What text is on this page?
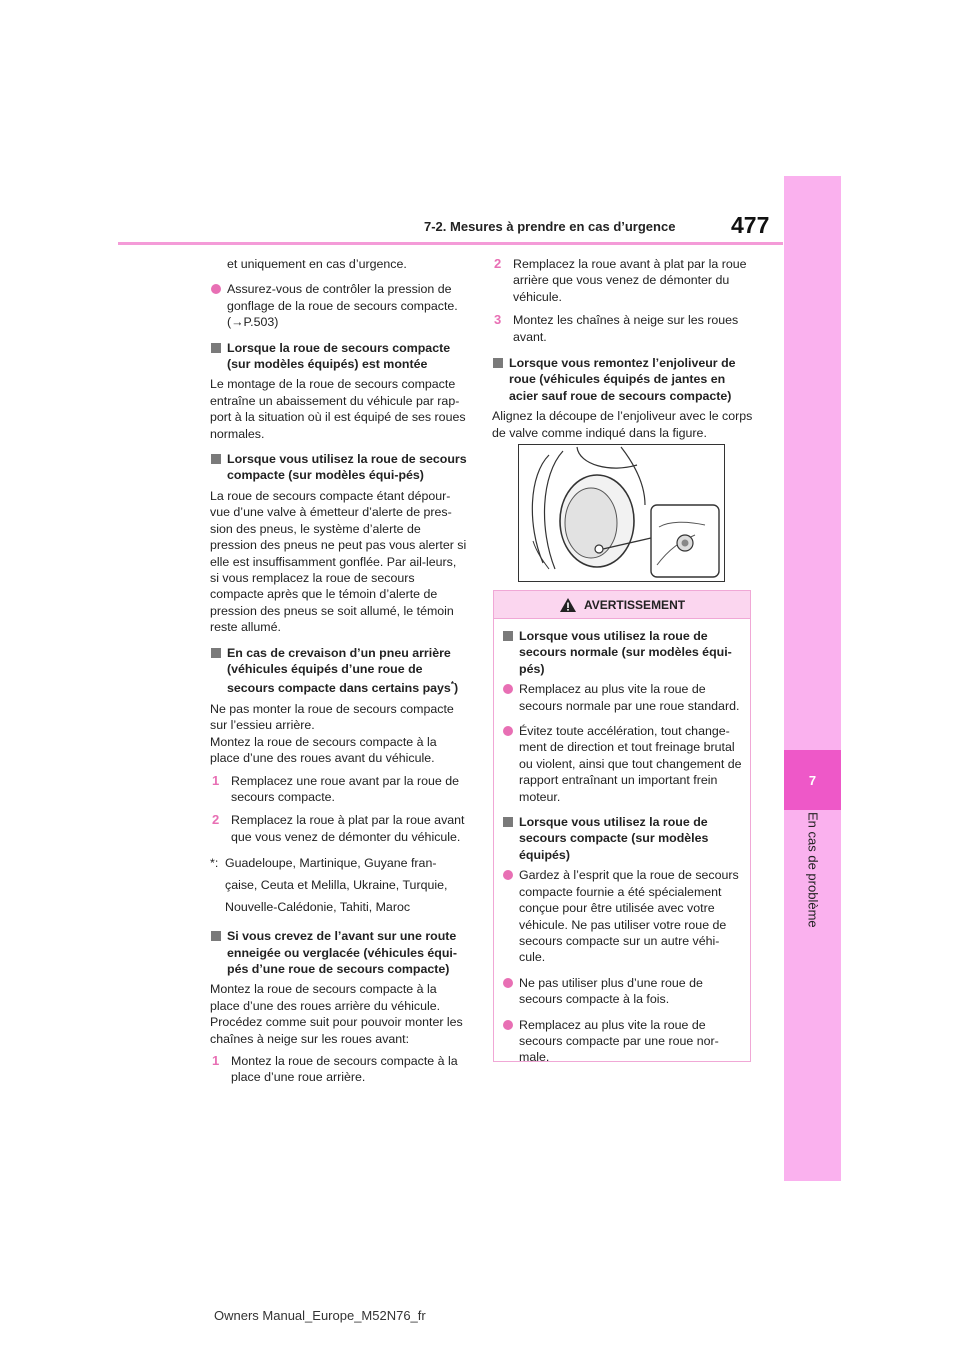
7
En cas de problème
7-2. Mesures à prendre en cas d’urgence 477

et uniquement en cas d’urgence.

Assurez-vous de contrôler la pression de gonflage de la roue de secours compacte. (→P.503)
Lorsque la roue de secours compacte (sur modèles équipés) est montée

Le montage de la roue de secours compacte entraîne un abaissement du véhicule par rap-port à la situation où il est équipé de ses roues normales.

Lorsque vous utilisez la roue de secours compacte (sur modèles équi-pés)

La roue de secours compacte étant dépour-vue d’une valve à émetteur d’alerte de pres-sion des pneus, le système d’alerte de pression des pneus ne peut pas vous alerter si elle est insuffisamment gonflée. Par ail-leurs, si vous remplacez la roue de secours compacte après que le témoin d’alerte de pression des pneus se soit allumé, le témoin reste allumé.

En cas de crevaison d’un pneu arrière (véhicules équipés d’une roue de secours compacte dans certains pays*)

Ne pas monter la roue de secours compacte sur l’essieu arrière.

Montez la roue de secours compacte à la place d’une des roues avant du véhicule.

1 Remplacez une roue avant par la roue de secours compacte.
2 Remplacez la roue à plat par la roue avant que vous venez de démonter du véhicule.
*: Guadeloupe, Martinique, Guyane fran-çaise, Ceuta et Melilla, Ukraine, Turquie, Nouvelle-Calédonie, Tahiti, Maroc
Si vous crevez de l’avant sur une route enneigée ou verglacée (véhicules équi-pés d’une roue de secours compacte)

Montez la roue de secours compacte à la place d’une des roues arrière du véhicule. Procédez comme suit pour pouvoir monter les chaînes à neige sur les roues avant:

1 Montez la roue de secours compacte à la place d’une roue arrière.
2 Remplacez la roue avant à plat par la roue arrière que vous venez de démonter du véhicule.
3 Montez les chaînes à neige sur les roues avant.
Lorsque vous remontez l’enjoliveur de roue (véhicules équipés de jantes en acier sauf roue de secours compacte)

Alignez la découpe de l’enjoliveur avec le corps de valve comme indiqué dans la figure.

AVERTISSEMENT
Lorsque vous utilisez la roue de secours normale (sur modèles équi-pés)
Remplacez au plus vite la roue de secours normale par une roue standard.
Évitez toute accélération, tout change-ment de direction et tout freinage brutal ou violent, ainsi que tout changement de rapport entraînant un important frein moteur.
Lorsque vous utilisez la roue de secours compacte (sur modèles équipés)
Gardez à l’esprit que la roue de secours compacte fournie a été spécialement conçue pour être utilisée avec votre véhicule. Ne pas utiliser votre roue de secours compacte sur un autre véhi-cule.
Ne pas utiliser plus d’une roue de secours compacte à la fois.
Remplacez au plus vite la roue de secours compacte par une roue nor-male.
Owners Manual_Europe_M52N76_fr
